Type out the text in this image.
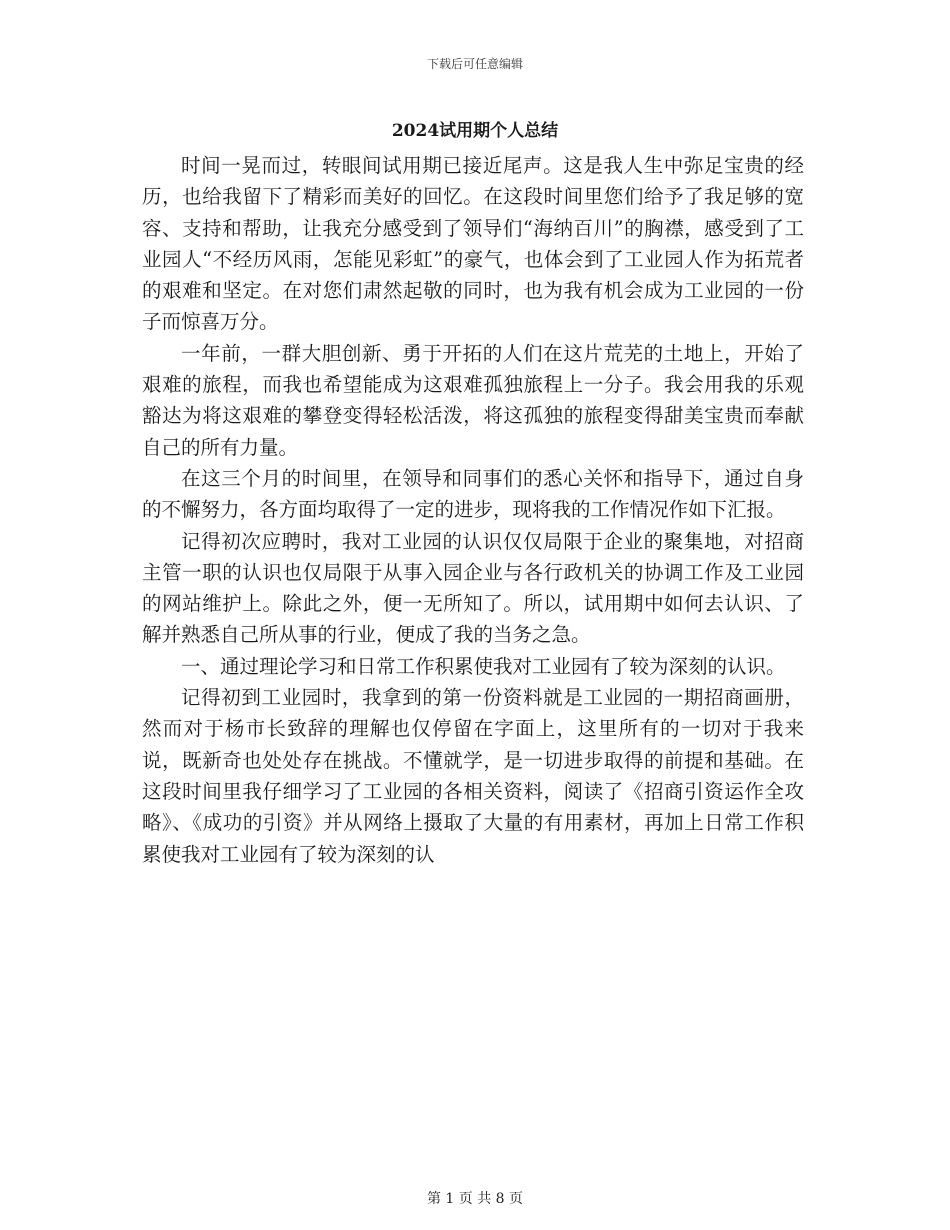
下载后可任意编辑
2024试用期个人总结

时间一晃而过，转眼间试用期已接近尾声。这是我人生中弥足宝贵的经历，也给我留下了精彩而美好的回忆。在这段时间里您们给予了我足够的宽容、支持和帮助，让我充分感受到了领导们“海纳百川”的胸襟，感受到了工业园人“不经历风雨，怎能见彩虹”的豪气，也体会到了工业园人作为拓荒者的艰难和坚定。在对您们肃然起敬的同时，也为我有机会成为工业园的一份子而惊喜万分。

一年前，一群大胆创新、勇于开拓的人们在这片荒芜的土地上，开始了艰难的旅程，而我也希望能成为这艰难孤独旅程上一分子。我会用我的乐观豁达为将这艰难的攀登变得轻松活泼，将这孤独的旅程变得甜美宝贵而奉献自己的所有力量。

在这三个月的时间里，在领导和同事们的悉心关怀和指导下，通过自身的不懈努力，各方面均取得了一定的进步，现将我的工作情况作如下汇报。

记得初次应聘时，我对工业园的认识仅仅局限于企业的聚集地，对招商主管一职的认识也仅局限于从事入园企业与各行政机关的协调工作及工业园的网站维护上。除此之外，便一无所知了。所以，试用期中如何去认识、了解并熟悉自己所从事的行业，便成了我的当务之急。

一、通过理论学习和日常工作积累使我对工业园有了较为深刻的认识。

记得初到工业园时，我拿到的第一份资料就是工业园的一期招商画册，然而对于杨市长致辞的理解也仅停留在字面上，这里所有的一切对于我来说，既新奇也处处存在挑战。不懂就学，是一切进步取得的前提和基础。在这段时间里我仔细学习了工业园的各相关资料，阅读了《招商引资运作全攻略》、《成功的引资》并从网络上摄取了大量的有用素材，再加上日常工作积累使我对工业园有了较为深刻的认

第 1 页 共 8 页
